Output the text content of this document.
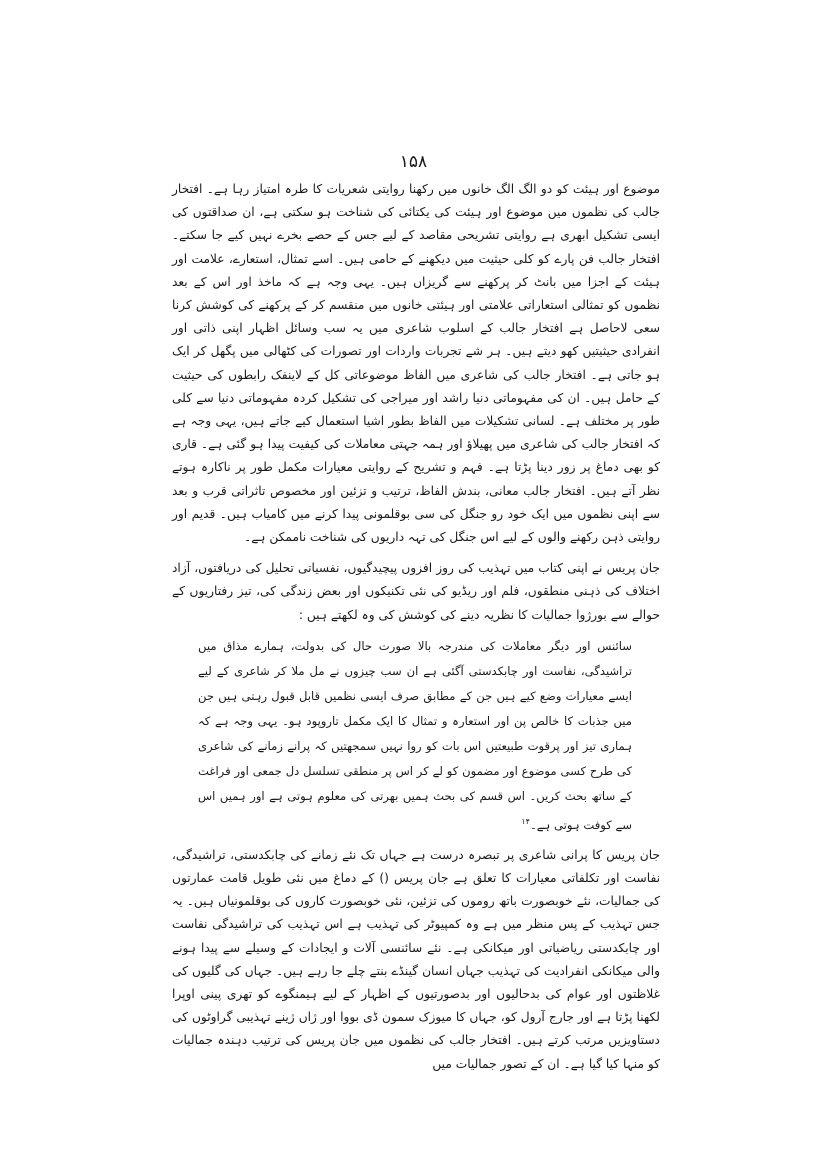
۱۵۸

موضوع اور ہیئت کو دو الگ الگ خانوں میں رکھنا روایتی شعریات کا طرہ امتیاز رہا ہے۔ افتخار جالب کی نظموں میں موضوع اور ہیئت کی یکتائی کی شناخت ہو سکتی ہے، ان صداقتوں کی ایسی تشکیل ابھری ہے روایتی تشریحی مقاصد کے لیے جس کے حصے بخرے نہیں کیے جا سکتے۔ افتخار جالب فن پارے کو کلی حیثیت میں دیکھنے کے حامی ہیں۔ اسے تمثال، استعارے، علامت اور ہیئت کے اجزا میں بانٹ کر پرکھنے سے گریزاں ہیں۔ یہی وجہ ہے کہ ماخذ اور اس کے بعد نظموں کو تمثالی استعاراتی علامتی اور ہیئتی خانوں میں منقسم کر کے پرکھنے کی کوشش کرنا سعی لاحاصل ہے افتخار جالب کے اسلوب شاعری میں یہ سب وسائل اظہار اپنی ذاتی اور انفرادی حیثیتیں کھو دیتے ہیں۔ ہر شے تجربات واردات اور تصورات کی کٹھالی میں پگھل کر ایک ہو جاتی ہے۔ افتخار جالب کی شاعری میں الفاظ موضوعاتی کل کے لاینفک رابطوں کی حیثیت کے حامل ہیں۔ ان کی مفہوماتی دنیا راشد اور میراجی کی تشکیل کردہ مفہوماتی دنیا سے کلی طور پر مختلف ہے۔ لسانی تشکیلات میں الفاظ بطور اشیا استعمال کیے جاتے ہیں، یہی وجہ ہے کہ افتخار جالب کی شاعری میں پھیلاؤ اور ہمہ جہتی معاملات کی کیفیت پیدا ہو گئی ہے۔ قاری کو بھی دماغ پر زور دینا پڑتا ہے۔ فہم و تشریح کے روایتی معیارات مکمل طور پر ناکارہ ہوتے نظر آتے ہیں۔ افتخار جالب معانی، بندش الفاظ، ترتیب و تزئین اور مخصوص تاثراتی قرب و بعد سے اپنی نظموں میں ایک خود رو جنگل کی سی بوقلمونی پیدا کرنے میں کامیاب ہیں۔ قدیم اور روایتی ذہن رکھنے والوں کے لیے اس جنگل کی تہہ داریوں کی شناخت ناممکن ہے۔

جان پریس نے اپنی کتاب میں تہذیب کی روز افزوں پیچیدگیوں، نفسیاتی تحلیل کی دریافتوں، آزاد اختلاف کی ذہنی منطقوں، فلم اور ریڈیو کی نئی تکنیکوں اور بعض زندگی کی، تیز رفتاریوں کے حوالے سے بورژوا جمالیات کا نظریہ دینے کی کوشش کی وہ لکھتے ہیں :

سائنس اور دیگر معاملات کی مندرجہ بالا صورت حال کی بدولت، ہمارے مذاق میں تراشیدگی، نفاست اور چابکدستی آگئی ہے ان سب چیزوں نے مل ملا کر شاعری کے لیے ایسے معیارات وضع کیے ہیں جن کے مطابق صرف ایسی نظمیں قابل قبول رہتی ہیں جن میں جذبات کا خالص پن اور استعارہ و تمثال کا ایک مکمل تاروپود ہو۔ یہی وجہ ہے کہ ہماری تیز اور پرقوت طبیعتیں اس بات کو روا نہیں سمجھتیں کہ پرانے زمانے کی شاعری کی طرح کسی موضوع اور مضمون کو لے کر اس پر منطقی تسلسل دل جمعی اور فراغت کے ساتھ بحث کریں۔ اس قسم کی بحث ہمیں بھرتی کی معلوم ہوتی ہے اور ہمیں اس سے کوفت ہوتی ہے۔$^{۱۴}$

جان پریس کا پرانی شاعری پر تبصرہ درست ہے جہاں تک نئے زمانے کی چابکدستی، تراشیدگی، نفاست اور تکلفاتی معیارات کا تعلق ہے جان پریس () کے دماغ میں نئی طویل قامت عمارتوں کی جمالیات، نئے خوبصورت باتھ روموں کی تزئین، نئی خوبصورت کاروں کی بوقلمونیاں ہیں۔ یہ جس تہذیب کے پس منظر میں ہے وہ کمپیوٹر کی تہذیب ہے اس تہذیب کی تراشیدگی نفاست اور چابکدستی ریاضیاتی اور میکانکی ہے۔ نئے سائنسی آلات و ایجادات کے وسیلے سے پیدا ہونے والی میکانکی انفرادیت کی تہذیب جہاں انسان گینڈے بنتے چلے جا رہے ہیں۔ جہاں کی گلیوں کی غلاظتوں اور عوام کی بدحالیوں اور بدصورتیوں کے اظہار کے لیے ہیمنگوے کو تھری پینی اوپرا لکھنا پڑتا ہے اور جارج آرول کو، جہاں کا میوزک سمون ڈی بووا اور ژاں ژینے تہذیبی گراوٹوں کی دستاویزیں مرتب کرتے ہیں۔ افتخار جالب کی نظموں میں جان پریس کی ترتیب دہندہ جمالیات کو منہا کیا گیا ہے۔ ان کے تصور جمالیات میں
